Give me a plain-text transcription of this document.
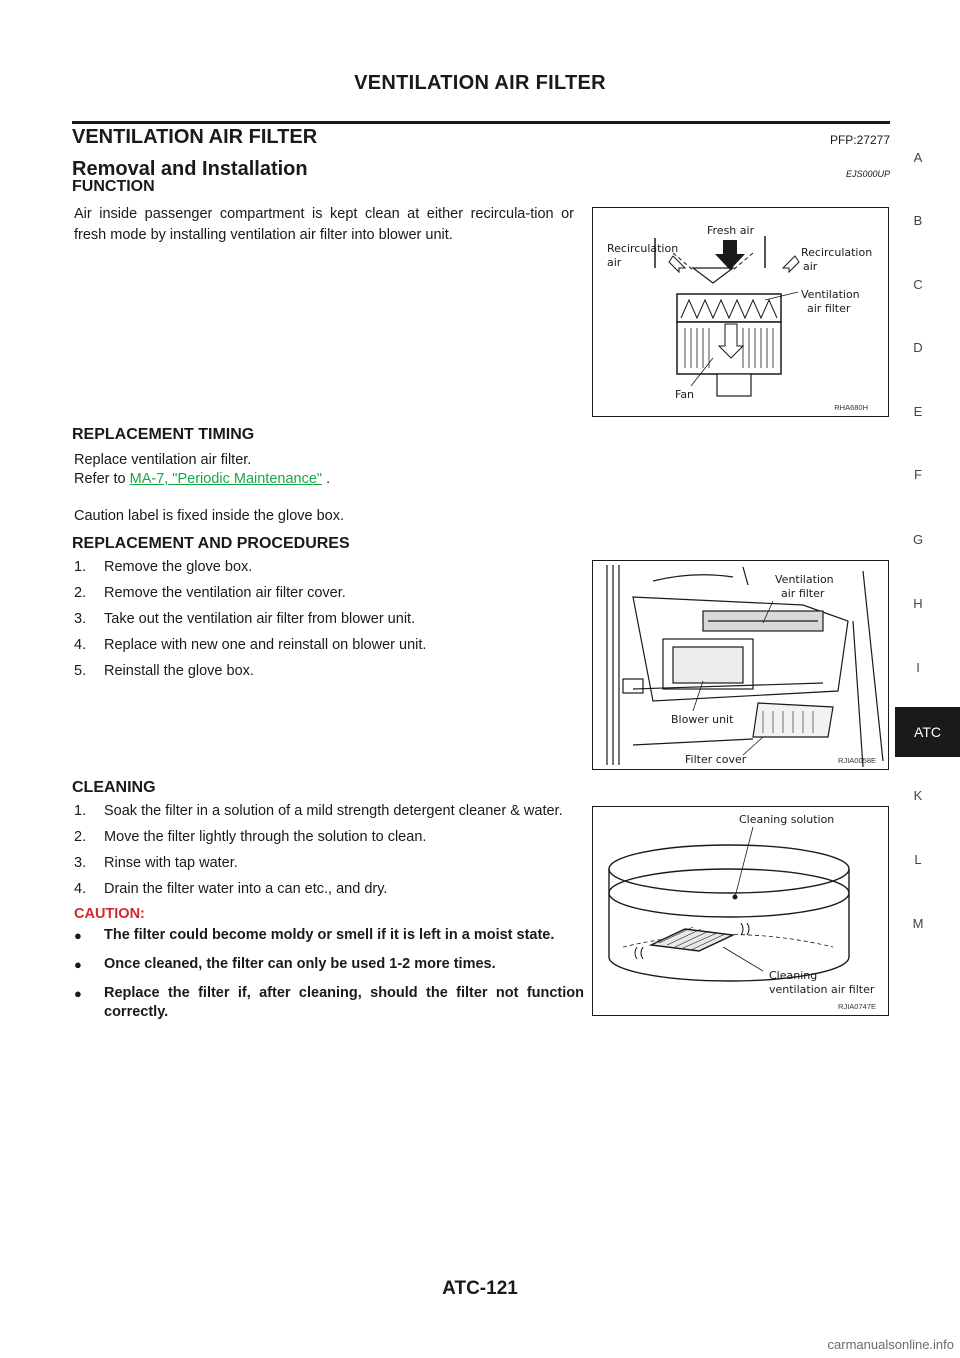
VENTILATION AIR FILTER
VENTILATION AIR FILTER	PFP:27277
Removal and Installation	EJS000UP
FUNCTION
Air inside passenger compartment is kept clean at either recircula-tion or fresh mode by installing ventilation air filter into blower unit.	Fresh air
Recirculation
air
Recirculation
air
Ventilation
air filter
Fan
RHA680H
REPLACEMENT TIMING
Replace ventilation air filter.
Refer to MA-7, "Periodic Maintenance" .
Caution label is fixed inside the glove box.
REPLACEMENT AND PROCEDURES
1. Remove the glove box.
2. Remove the ventilation air filter cover.
3. Take out the ventilation air filter from blower unit.
4. Replace with new one and reinstall on blower unit.
5. Reinstall the glove box.
Ventilation
air filter
Blower unit
Filter cover	RJIA0058E
CLEANING
1. Soak the filter in a solution of a mild strength detergent cleaner & water.
2. Move the filter lightly through the solution to clean.
3. Rinse with tap water.
4. Drain the filter water into a can etc., and dry.
CAUTION:
● The filter could become moldy or smell if it is left in a moist state.
● Once cleaned, the filter can only be used 1-2 more times.
● Replace the filter if, after cleaning, should the filter not function correctly.
Cleaning solution
Cleaning
ventilation air filter
RJIA0747E
A
B
C
D
E
F
G
H
I
ATC
K
L
M
ATC-121
carmanualsonline.info
